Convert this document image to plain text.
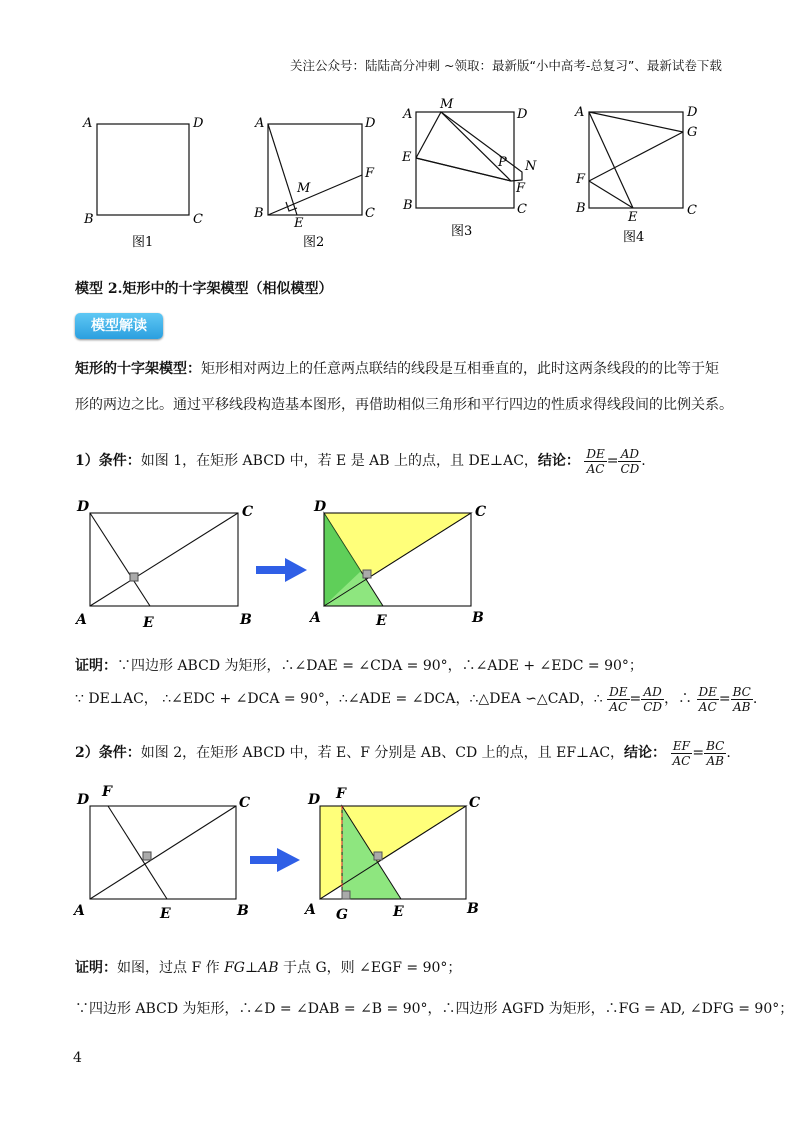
关注公众号：陆陆高分冲刺 ~领取：最新版“小中高考-总复习”、最新试卷下载
A	D
B	C
A	D
B	C
E
F
M
A	D
B	C
E
F
M
N
P
A	D
B	C
E
F
G
图1	图2
图3	图4
模型 2.矩形中的十字架模型（相似模型）
模型解读
矩形的十字架模型：矩形相对两边上的任意两点联结的线段是互相垂直的，此时这两条线段的的比等于矩
形的两边之比。通过平移线段构造基本图形，再借助相似三角形和平行四边的性质求得线段间的比例关系。
1）条件：如图 1，在矩形 ABCD 中，若 E 是 AB 上的点，且 DE⊥AC，结论： $\frac{DE}{AC} = \frac{AD}{CD}$ .
D	C
A	B
E
D	C
A	B
E
证明：∵四边形 ABCD 为矩形，∴∠DAE = ∠CDA = 90°，∴∠ADE + ∠EDC = 90°；
∵ DE⊥AC， ∴∠EDC + ∠DCA = 90°，∴∠ADE = ∠DCA，∴△DEA ∽△CAD，∴ $\frac{DE}{AC} = \frac{AD}{CD}$ ，∴ $\frac{DE}{AC} = \frac{BC}{AB}$ .
2）条件：如图 2，在矩形 ABCD 中，若 E、F 分别是 AB、CD 上的点，且 EF⊥AC，结论： $\frac{EF}{AC} = \frac{BC}{AB}$ .
D F
C
A	B
E
D F
C
A	B
G	E
证明：如图，过点 F 作 FG⊥AB 于点 G，则 ∠EGF = 90°；
∵四边形 ABCD 为矩形，∴∠D = ∠DAB = ∠B = 90°，∴四边形 AGFD 为矩形，∴FG = AD, ∠DFG = 90°；
4
